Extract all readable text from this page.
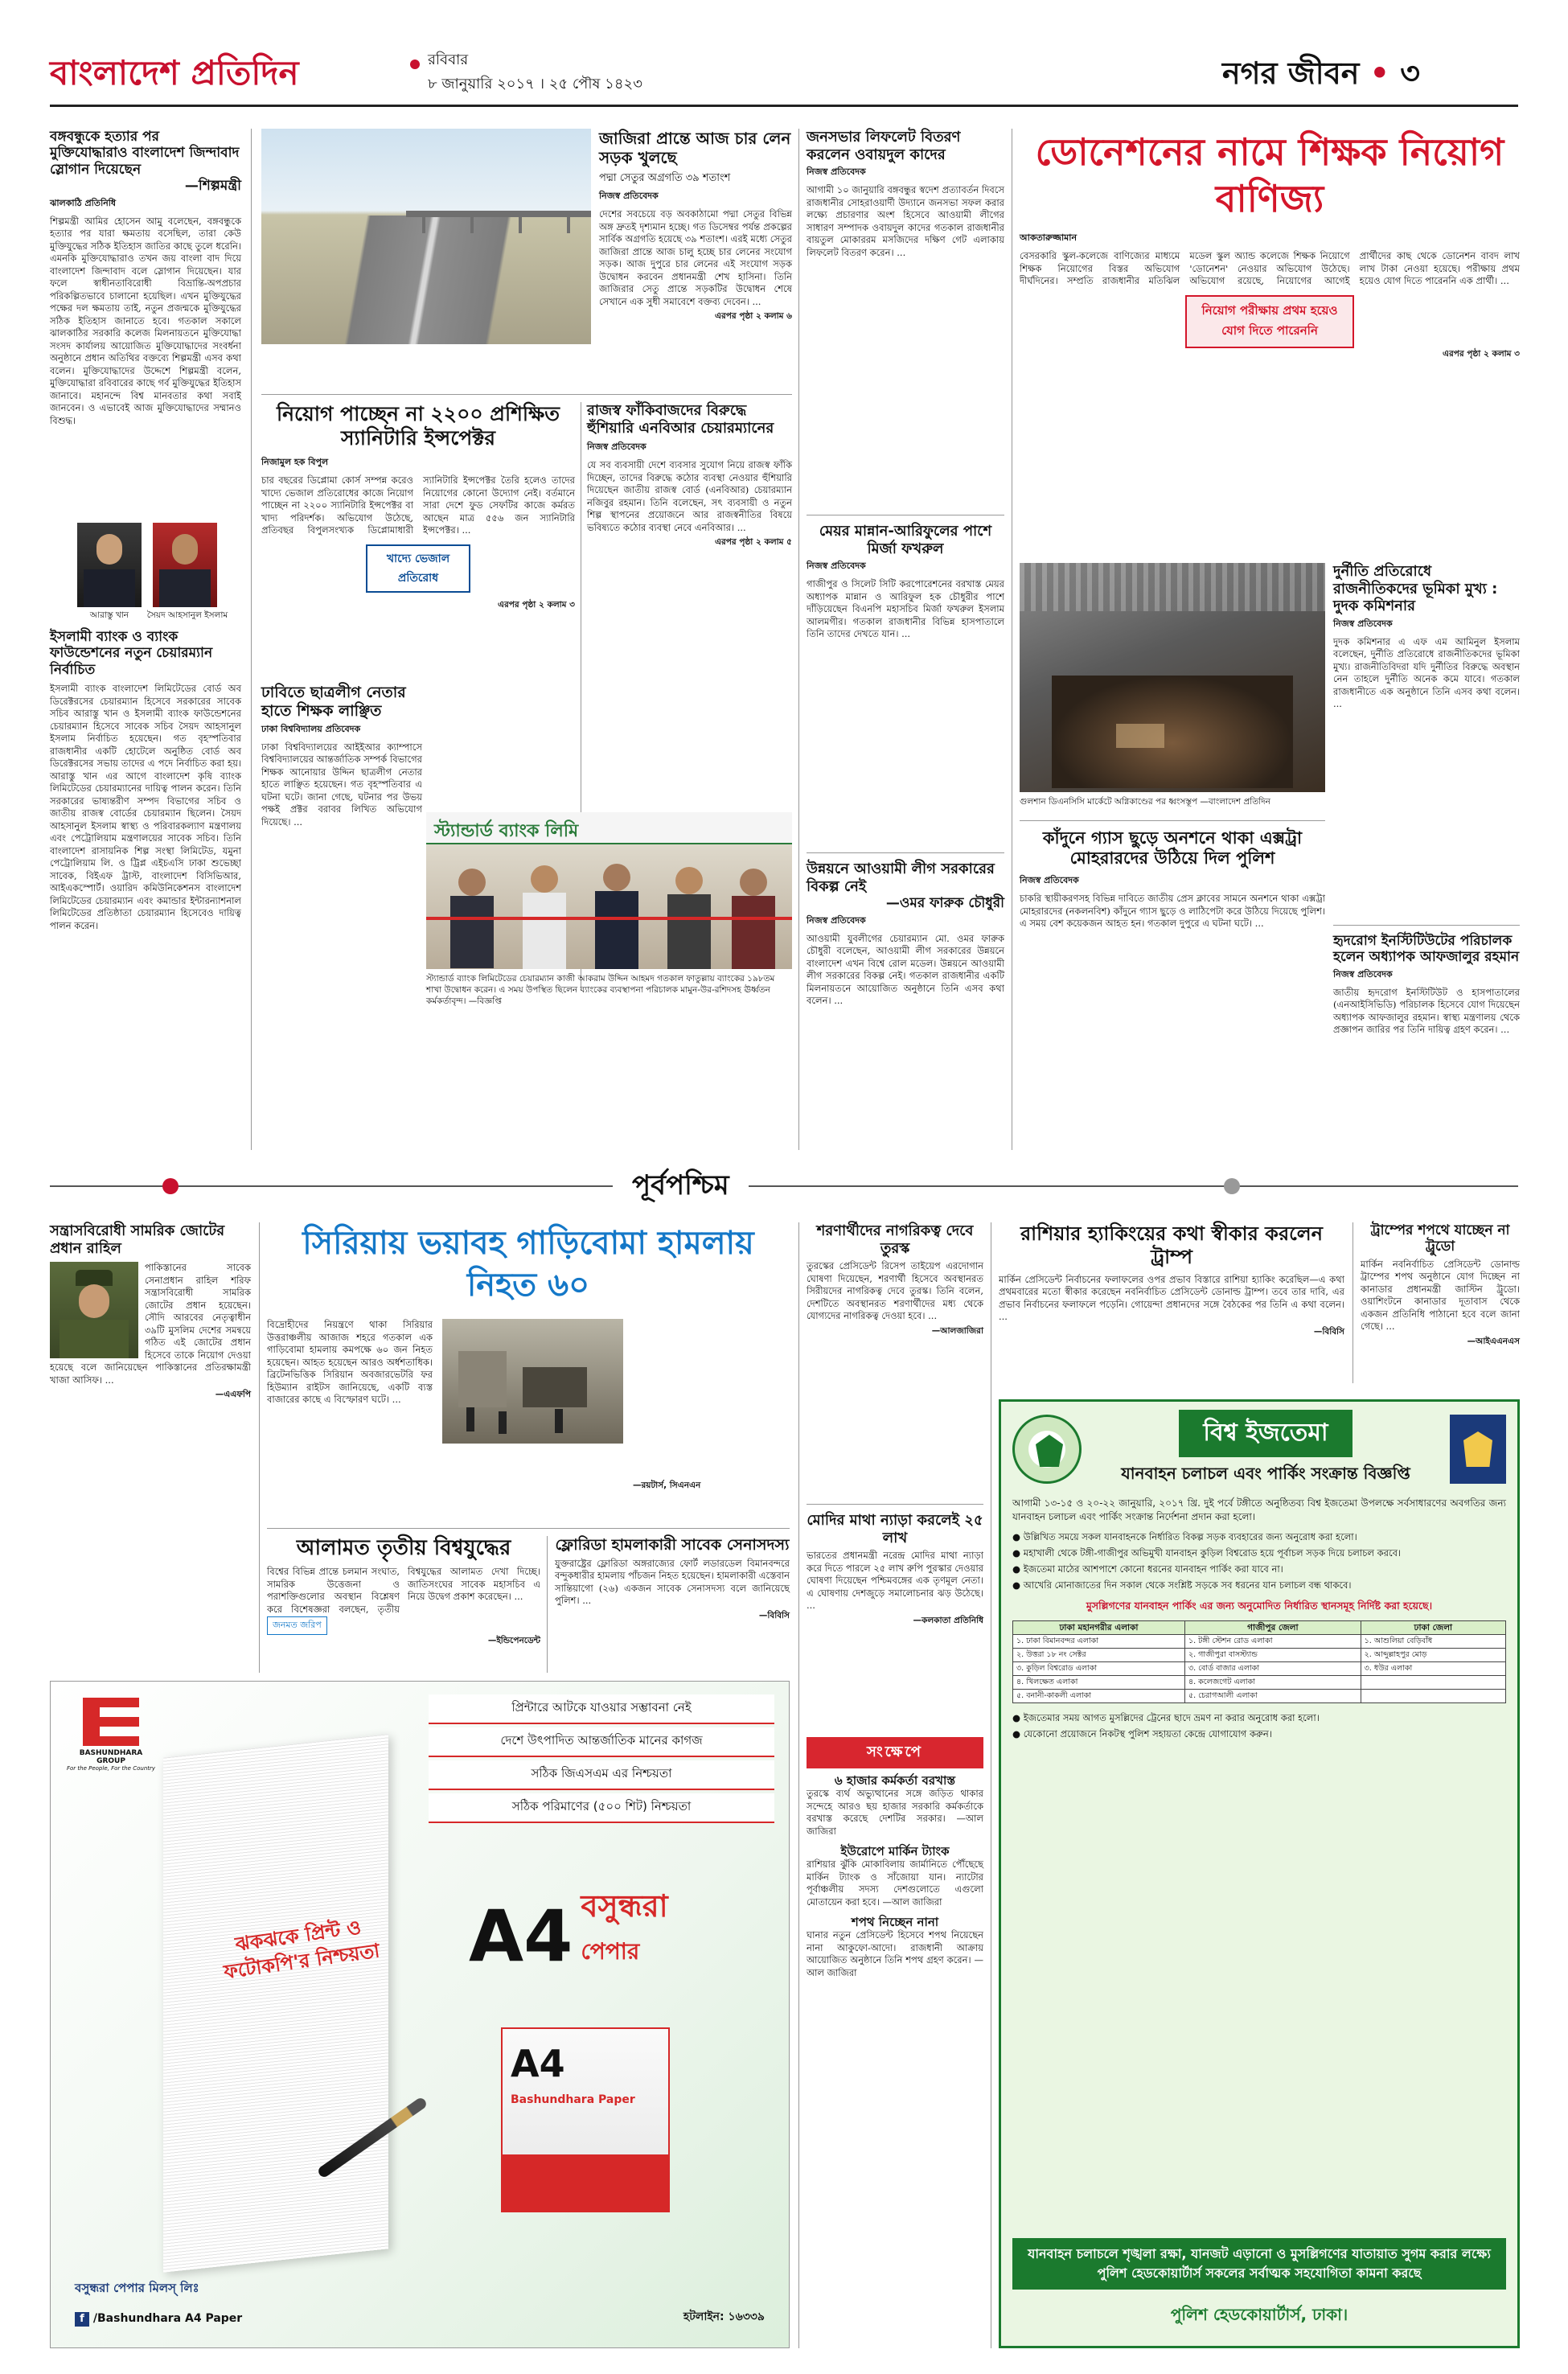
বাংলাদেশ প্রতিদিন	রবিবার
৮ জানুয়ারি ২০১৭ । ২৫ পৌষ ১৪২৩	নগর জীবন • ৩
বঙ্গবন্ধুকে হত্যার পর মুক্তিযোদ্ধারাও বাংলাদেশ জিন্দাবাদ স্লোগান দিয়েছেন
—শিল্পমন্ত্রী
ঝালকাঠি প্রতিনিধি

শিল্পমন্ত্রী আমির হোসেন আমু বলেছেন, বঙ্গবন্ধুকে হত্যার পর যারা ক্ষমতায় বসেছিল, তারা কেউ মুক্তিযুদ্ধের সঠিক ইতিহাস জাতির কাছে তুলে ধরেনি। এমনকি মুক্তিযোদ্ধারাও তখন জয় বাংলা বাদ দিয়ে বাংলাদেশ জিন্দাবাদ বলে স্লোগান দিয়েছেন। যার ফলে স্বাধীনতাবিরোধী বিভ্রান্তি-অপপ্রচার পরিকল্পিতভাবে চালানো হয়েছিল। এখন মুক্তিযুদ্ধের পক্ষের দল ক্ষমতায় তাই, নতুন প্রজন্মকে মুক্তিযুদ্ধের সঠিক ইতিহাস জানাতে হবে। গতকাল সকালে ঝালকাঠির সরকারি কলেজ মিলনায়তনে মুক্তিযোদ্ধা সংসদ কার্যালয় আয়োজিত মুক্তিযোদ্ধাদের সংবর্ধনা অনুষ্ঠানে প্রধান অতিথির বক্তব্যে শিল্পমন্ত্রী এসব কথা বলেন। মুক্তিযোদ্ধাদের উদ্দেশে শিল্পমন্ত্রী বলেন, মুক্তিযোদ্ধারা রবিবারের কাছে গর্ব মুক্তিযুদ্ধের ইতিহাস জানাবে। মহানন্দে বিশ্ব মানবতার কথা সবাই জানবেন। ও এভাবেই আজ মুক্তিযোদ্ধাদের সম্মানও বিশুদ্ধ।

আরাস্তু খান	সৈয়দ আহসানুল ইসলাম
ইসলামী ব্যাংক ও ব্যাংক ফাউন্ডেশনের নতুন চেয়ারম্যান নির্বাচিত

ইসলামী ব্যাংক বাংলাদেশ লিমিটেডের বোর্ড অব ডিরেক্টরসের চেয়ারম্যান হিসেবে সরকারের সাবেক সচিব আরাস্তু খান ও ইসলামী ব্যাংক ফাউন্ডেশনের চেয়ারম্যান হিসেবে সাবেক সচিব সৈয়দ আহসানুল ইসলাম নির্বাচিত হয়েছেন। গত বৃহস্পতিবার রাজধানীর একটি হোটেলে অনুষ্ঠিত বোর্ড অব ডিরেক্টরসের সভায় তাদের এ পদে নির্বাচিত করা হয়। আরাস্তু খান এর আগে বাংলাদেশ কৃষি ব্যাংক লিমিটেডের চেয়ারম্যানের দায়িত্ব পালন করেন। তিনি সরকারের ভাষ্যন্তরীণ সম্পদ বিভাগের সচিব ও জাতীয় রাজস্ব বোর্ডের চেয়ারম্যান ছিলেন। সৈয়দ আহসানুল ইসলাম স্বাস্থ্য ও পরিবারকল্যাণ মন্ত্রণালয় এবং পেট্রোলিয়াম মন্ত্রণালয়ের সাবেক সচিব। তিনি বাংলাদেশ রাসায়নিক শিল্প সংস্থা লিমিটেড, যমুনা পেট্রোলিয়াম লি. ও ট্রিপ্ল এইচএসি ঢাকা শুভেচ্ছা সাবেক, বিইএফ ট্রাস্ট, বাংলাদেশ বিসিভিআর, আইএকস্পোর্ট। ওয়ারিদ কমিউনিকেশনস বাংলাদেশ লিমিটেডের চেয়ারম্যান এবং কমান্ডার ইন্টারন্যাশনাল লিমিটেডের প্রতিষ্ঠাতা চেয়ারম্যান হিসেবেও দায়িত্ব পালন করেন।

জাজিরা প্রান্তে আজ চার লেন সড়ক খুলছে
পদ্মা সেতুর অগ্রগতি ৩৯ শতাংশ
নিজস্ব প্রতিবেদক

দেশের সবচেয়ে বড় অবকাঠামো পদ্মা সেতুর বিভিন্ন অঙ্গ দ্রুতই দৃশ্যমান হচ্ছে। গত ডিসেম্বর পর্যন্ত প্রকল্পের সার্বিক অগ্রগতি হয়েছে ৩৯ শতাংশ। এরই মধ্যে সেতুর জাজিরা প্রান্তে আজ চালু হচ্ছে চার লেনের সংযোগ সড়ক। আজ দুপুরে চার লেনের এই সংযোগ সড়ক উদ্বোধন করবেন প্রধানমন্ত্রী শেখ হাসিনা। তিনি জাজিরার সেতু প্রান্তে সড়কটির উদ্বোধন শেষে সেখানে এক সুধী সমাবেশে বক্তব্য দেবেন। ...

এরপর পৃষ্ঠা ২ কলাম ৬
নিয়োগ পাচ্ছেন না ২২০০ প্রশিক্ষিত স্যানিটারি ইন্সপেক্টর
নিজামুল হক বিপুল

চার বছরের ডিপ্লোমা কোর্স সম্পন্ন করেও খাদ্যে ভেজাল প্রতিরোধের কাজে নিয়োগ পাচ্ছেন না ২২০০ স্যানিটারি ইন্সপেক্টর বা খাদ্য পরিদর্শক। অভিযোগ উঠেছে, প্রতিবছর বিপুলসংখ্যক ডিপ্লোমাধারী স্যানিটারি ইন্সপেক্টর তৈরি হলেও তাদের নিয়োগের কোনো উদ্যোগ নেই। বর্তমানে সারা দেশে ফুড সেফটির কাজে কর্মরত আছেন মাত্র ৫৫৬ জন স্যানিটারি ইন্সপেক্টর। ...

খাদ্যে ভেজাল প্রতিরোধ
এরপর পৃষ্ঠা ২ কলাম ৩
রাজস্ব ফাঁকিবাজদের বিরুদ্ধে হুঁশিয়ারি এনবিআর চেয়ারম্যানের
নিজস্ব প্রতিবেদক

যে সব ব্যবসায়ী দেশে ব্যবসার সুযোগ নিয়ে রাজস্ব ফাঁকি দিচ্ছেন, তাদের বিরুদ্ধে কঠোর ব্যবস্থা নেওয়ার হুঁশিয়ারি দিয়েছেন জাতীয় রাজস্ব বোর্ড (এনবিআর) চেয়ারম্যান নজিবুর রহমান। তিনি বলেছেন, সৎ ব্যবসায়ী ও নতুন শিল্প স্থাপনের প্রয়োজনে আর রাজস্বনীতির বিষয়ে ভবিষ্যতে কঠোর ব্যবস্থা নেবে এনবিআর। ...

এরপর পৃষ্ঠা ২ কলাম ৫
ঢাবিতে ছাত্রলীগ নেতার হাতে শিক্ষক লাঞ্ছিত
ঢাকা বিশ্ববিদ্যালয় প্রতিবেদক

ঢাকা বিশ্ববিদ্যালয়ের আইইআর ক্যাম্পাসে বিশ্ববিদ্যালয়ের আন্তর্জাতিক সম্পর্ক বিভাগের শিক্ষক আনোয়ার উদ্দিন ছাত্রলীগ নেতার হাতে লাঞ্ছিত হয়েছেন। গত বৃহস্পতিবার এ ঘটনা ঘটে। জানা গেছে, ঘটনার পর উভয় পক্ষই প্রক্টর বরাবর লিখিত অভিযোগ দিয়েছে। ...	স্ট্যান্ডার্ড ব্যাংক লিমি
স্ট্যান্ডার্ড ব্যাংক লিমিটেডের চেয়ারম্যান কাজী আকরাম উদ্দিন আহমদ গতকাল ফাতুল্লায় ব্যাংকের ১৯৮তম শাখা উদ্বোধন করেন। এ সময় উপস্থিত ছিলেন ব্যাংকের ব্যবস্থাপনা পরিচালক মামুন-উর-রশিদসহ ঊর্ধ্বতন কর্মকর্তাবৃন্দ। —বিজ্ঞপ্তি
জনসভার লিফলেট বিতরণ করলেন ওবায়দুল কাদের
নিজস্ব প্রতিবেদক

আগামী ১০ জানুয়ারি বঙ্গবন্ধুর স্বদেশ প্রত্যাবর্তন দিবসে রাজধানীর সোহরাওয়ার্দী উদ্যানে জনসভা সফল করার লক্ষ্যে প্রচারণার অংশ হিসেবে আওয়ামী লীগের সাধারণ সম্পাদক ওবায়দুল কাদের গতকাল রাজধানীর বায়তুল মোকাররম মসজিদের দক্ষিণ গেট এলাকায় লিফলেট বিতরণ করেন। ...

মেয়র মান্নান-আরিফুলের পাশে মির্জা ফখরুল
নিজস্ব প্রতিবেদক

গাজীপুর ও সিলেট সিটি করপোরেশনের বরখাস্ত মেয়র অধ্যাপক মান্নান ও আরিফুল হক চৌধুরীর পাশে দাঁড়িয়েছেন বিএনপি মহাসচিব মির্জা ফখরুল ইসলাম আলমগীর। গতকাল রাজধানীর বিভিন্ন হাসপাতালে তিনি তাদের দেখতে যান। ...

উন্নয়নে আওয়ামী লীগ সরকারের বিকল্প নেই
—ওমর ফারুক চৌধুরী
নিজস্ব প্রতিবেদক

আওয়ামী যুবলীগের চেয়ারম্যান মো. ওমর ফারুক চৌধুরী বলেছেন, আওয়ামী লীগ সরকারের উন্নয়নে বাংলাদেশ এখন বিশ্বে রোল মডেল। উন্নয়নে আওয়ামী লীগ সরকারের বিকল্প নেই। গতকাল রাজধানীর একটি মিলনায়তনে আয়োজিত অনুষ্ঠানে তিনি এসব কথা বলেন। ...

ডোনেশনের নামে শিক্ষক নিয়োগ বাণিজ্য
আকতারুজ্জামান

বেসরকারি স্কুল-কলেজে বাণিজ্যের মাধ্যমে শিক্ষক নিয়োগের বিস্তর অভিযোগ দীর্ঘদিনের। সম্প্রতি রাজধানীর মতিঝিল মডেল স্কুল অ্যান্ড কলেজে শিক্ষক নিয়োগে 'ডোনেশন' নেওয়ার অভিযোগ উঠেছে। অভিযোগ রয়েছে, নিয়োগের আগেই প্রার্থীদের কাছ থেকে ডোনেশন বাবদ লাখ লাখ টাকা নেওয়া হয়েছে। পরীক্ষায় প্রথম হয়েও যোগ দিতে পারেননি এক প্রার্থী। ...

নিয়োগ পরীক্ষায় প্রথম হয়েও যোগ দিতে পারেননি
এরপর পৃষ্ঠা ২ কলাম ৩
গুলশান ডিএনসিসি মার্কেটে অগ্নিকাণ্ডের পর ধ্বংসস্তূপ —বাংলাদেশ প্রতিদিন
দুর্নীতি প্রতিরোধে রাজনীতিকদের ভূমিকা মুখ্য : দুদক কমিশনার
নিজস্ব প্রতিবেদক

দুদক কমিশনার এ এফ এম আমিনুল ইসলাম বলেছেন, দুর্নীতি প্রতিরোধে রাজনীতিকদের ভূমিকা মুখ্য। রাজনীতিবিদরা যদি দুর্নীতির বিরুদ্ধে অবস্থান নেন তাহলে দুর্নীতি অনেক কমে যাবে। গতকাল রাজধানীতে এক অনুষ্ঠানে তিনি এসব কথা বলেন। ...

কাঁদুনে গ্যাস ছুড়ে অনশনে থাকা এক্সট্রা মোহরারদের উঠিয়ে দিল পুলিশ
নিজস্ব প্রতিবেদক

চাকরি স্থায়ীকরণসহ বিভিন্ন দাবিতে জাতীয় প্রেস ক্লাবের সামনে অনশনে থাকা এক্সট্রা মোহরারদের (নকলনবিশ) কাঁদুনে গ্যাস ছুড়ে ও লাঠিপেটা করে উঠিয়ে দিয়েছে পুলিশ। এ সময় বেশ কয়েকজন আহত হন। গতকাল দুপুরে এ ঘটনা ঘটে। ...

হৃদরোগ ইনস্টিটিউটের পরিচালক হলেন অধ্যাপক আফজালুর রহমান
নিজস্ব প্রতিবেদক

জাতীয় হৃদরোগ ইনস্টিটিউট ও হাসপাতালের (এনআইসিভিডি) পরিচালক হিসেবে যোগ দিয়েছেন অধ্যাপক আফজালুর রহমান। স্বাস্থ্য মন্ত্রণালয় থেকে প্রজ্ঞাপন জারির পর তিনি দায়িত্ব গ্রহণ করেন। ...

পূর্বপশ্চিম
সন্ত্রাসবিরোধী সামরিক জোটের প্রধান রাহিল

পাকিস্তানের সাবেক সেনাপ্রধান রাহিল শরিফ সন্ত্রাসবিরোধী সামরিক জোটের প্রধান হয়েছেন। সৌদি আরবের নেতৃত্বাধীন ৩৯টি মুসলিম দেশের সমন্বয়ে গঠিত এই জোটের প্রধান হিসেবে তাকে নিয়োগ দেওয়া হয়েছে বলে জানিয়েছেন পাকিস্তানের প্রতিরক্ষামন্ত্রী খাজা আসিফ। ...

—এএফপি
সিরিয়ায় ভয়াবহ গাড়িবোমা হামলায় নিহত ৬০

বিদ্রোহীদের নিয়ন্ত্রণে থাকা সিরিয়ার উত্তরাঞ্চলীয় আজাজ শহরে গতকাল এক গাড়িবোমা হামলায় কমপক্ষে ৬০ জন নিহত হয়েছেন। আহত হয়েছেন আরও অর্ধশতাধিক। ব্রিটেনভিত্তিক সিরিয়ান অবজারভেটরি ফর হিউম্যান রাইটস জানিয়েছে, একটি ব্যস্ত বাজারের কাছে এ বিস্ফোরণ ঘটে। ...

—রয়টার্স, সিএনএন
আলামত তৃতীয় বিশ্বযুদ্ধের

বিশ্বের বিভিন্ন প্রান্তে চলমান সংঘাত, সামরিক উত্তেজনা ও পরাশক্তিগুলোর অবস্থান বিশ্লেষণ করে বিশেষজ্ঞরা বলছেন, তৃতীয় বিশ্বযুদ্ধের আলামত দেখা দিচ্ছে। জাতিসংঘের সাবেক মহাসচিব এ নিয়ে উদ্বেগ প্রকাশ করেছেন। ...

জনমত জরিপ
—ইন্ডিপেনডেন্ট
ফ্লোরিডা হামলাকারী সাবেক সেনাসদস্য

যুক্তরাষ্ট্রের ফ্লোরিডা অঙ্গরাজ্যের ফোর্ট লডারডেল বিমানবন্দরে বন্দুকধারীর হামলায় পাঁচজন নিহত হয়েছেন। হামলাকারী এস্তেবান সান্তিয়াগো (২৬) একজন সাবেক সেনাসদস্য বলে জানিয়েছে পুলিশ। ...

—বিবিসি
শরণার্থীদের নাগরিকত্ব দেবে তুরস্ক

তুরস্কের প্রেসিডেন্ট রিসেপ তাইয়েপ এরদোগান ঘোষণা দিয়েছেন, শরণার্থী হিসেবে অবস্থানরত সিরীয়দের নাগরিকত্ব দেবে তুরস্ক। তিনি বলেন, দেশটিতে অবস্থানরত শরণার্থীদের মধ্য থেকে যোগ্যদের নাগরিকত্ব দেওয়া হবে। ...

—আলজাজিরা
মোদির মাথা ন্যাড়া করলেই ২৫ লাখ

ভারতের প্রধানমন্ত্রী নরেন্দ্র মোদির মাথা ন্যাড়া করে দিতে পারলে ২৫ লাখ রুপি পুরস্কার দেওয়ার ঘোষণা দিয়েছেন পশ্চিমবঙ্গের এক তৃণমূল নেতা। এ ঘোষণায় দেশজুড়ে সমালোচনার ঝড় উঠেছে। ...

—কলকাতা প্রতিনিধি
সংক্ষেপে
৬ হাজার কর্মকর্তা বরখাস্ত

তুরস্কে ব্যর্থ অভ্যুত্থানের সঙ্গে জড়িত থাকার সন্দেহে আরও ছয় হাজার সরকারি কর্মকর্তাকে বরখাস্ত করেছে দেশটির সরকার। —আল জাজিরা

ইউরোপে মার্কিন ট্যাংক

রাশিয়ার ঝুঁকি মোকাবিলায় জার্মানিতে পৌঁছেছে মার্কিন ট্যাংক ও সাঁজোয়া যান। ন্যাটোর পূর্বাঞ্চলীয় সদস্য দেশগুলোতে এগুলো মোতায়েন করা হবে। —আল জাজিরা

শপথ নিচ্ছেন নানা

ঘানার নতুন প্রেসিডেন্ট হিসেবে শপথ নিয়েছেন নানা আকুফো-আদো। রাজধানী আক্রায় আয়োজিত অনুষ্ঠানে তিনি শপথ গ্রহণ করেন। —আল জাজিরা

রাশিয়ার হ্যাকিংয়ের কথা স্বীকার করলেন ট্রাম্প

মার্কিন প্রেসিডেন্ট নির্বাচনের ফলাফলের ওপর প্রভাব বিস্তারে রাশিয়া হ্যাকিং করেছিল—এ কথা প্রথমবারের মতো স্বীকার করেছেন নবনির্বাচিত প্রেসিডেন্ট ডোনাল্ড ট্রাম্প। তবে তার দাবি, এর প্রভাব নির্বাচনের ফলাফলে পড়েনি। গোয়েন্দা প্রধানদের সঙ্গে বৈঠকের পর তিনি এ কথা বলেন। ...

—বিবিসি
ট্রাম্পের শপথে যাচ্ছেন না ট্রুডো

মার্কিন নবনির্বাচিত প্রেসিডেন্ট ডোনাল্ড ট্রাম্পের শপথ অনুষ্ঠানে যোগ দিচ্ছেন না কানাডার প্রধানমন্ত্রী জাস্টিন ট্রুডো। ওয়াশিংটনে কানাডার দূতাবাস থেকে একজন প্রতিনিধি পাঠানো হবে বলে জানা গেছে। ...

—আইএএনএস
বিশ্ব ইজতেমা
যানবাহন চলাচল এবং পার্কিং সংক্রান্ত বিজ্ঞপ্তি
আগামী ১৩-১৫ ও ২০-২২ জানুয়ারি, ২০১৭ খ্রি. দুই পর্বে টঙ্গীতে অনুষ্ঠিতব্য বিশ্ব ইজতেমা উপলক্ষে সর্বসাধারণের অবগতির জন্য যানবাহন চলাচল এবং পার্কিং সংক্রান্ত নির্দেশনা প্রদান করা হলো।
● উল্লিখিত সময়ে সকল যানবাহনকে নির্ধারিত বিকল্প সড়ক ব্যবহারের জন্য অনুরোধ করা হলো।
● মহাখালী থেকে টঙ্গী-গাজীপুর অভিমুখী যানবাহন কুড়িল বিশ্বরোড হয়ে পূর্বাচল সড়ক দিয়ে চলাচল করবে।
● ইজতেমা মাঠের আশপাশে কোনো ধরনের যানবাহন পার্কিং করা যাবে না।
● আখেরি মোনাজাতের দিন সকাল থেকে সংশ্লিষ্ট সড়কে সব ধরনের যান চলাচল বন্ধ থাকবে।
মুসল্লিগণের যানবাহন পার্কিং এর জন্য অনুমোদিত নির্ধারিত স্থানসমূহ নির্দিষ্ট করা হয়েছে।
ঢাকা মহানগরীর এলাকা	গাজীপুর জেলা	ঢাকা জেলা
১. ঢাকা বিমানবন্দর এলাকা	১. টঙ্গী স্টেশন রোড এলাকা	১. আশুলিয়া বেড়িবাঁধ
২. উত্তরা ১৮ নং সেক্টর	২. গাজীপুরা বাসস্ট্যান্ড	২. আব্দুল্লাহপুর মোড়
৩. কুড়িল বিশ্বরোড এলাকা	৩. বোর্ড বাজার এলাকা	৩. ধউর এলাকা
৪. খিলক্ষেত এলাকা	৪. কলেজগেট এলাকা	
৫. বনানী-কাকলী এলাকা	৫. চেরাগআলী এলাকা	
● ইজতেমার সময় আগত মুসল্লিদের ট্রেনের ছাদে ভ্রমণ না করার অনুরোধ করা হলো।
● যেকোনো প্রয়োজনে নিকটস্থ পুলিশ সহায়তা কেন্দ্রে যোগাযোগ করুন।
যানবাহন চলাচলে শৃঙ্খলা রক্ষা, যানজট এড়ানো ও মুসল্লিগণের যাতায়াত সুগম করার লক্ষ্যে পুলিশ হেডকোয়ার্টার্স সকলের সর্বাত্মক সহযোগিতা কামনা করছে
পুলিশ হেডকোয়ার্টার্স, ঢাকা।
BASHUNDHARA GROUP
For the People, For the Country
প্রিন্টারে আটকে যাওয়ার সম্ভাবনা নেই
দেশে উৎপাদিত আন্তর্জাতিক মানের কাগজ
সঠিক জিএসএম এর নিশ্চয়তা
সঠিক পরিমাণের (৫০০ শিট) নিশ্চয়তা
ঝকঝকে প্রিন্ট ও ফটোকপি'র নিশ্চয়তা A4 বসুন্ধরা
পেপার
A4
Bashundhara Paper
বসুন্ধরা পেপার মিলস্ লিঃ
f /Bashundhara A4 Paper	হটলাইন: ১৬৩৩৯
